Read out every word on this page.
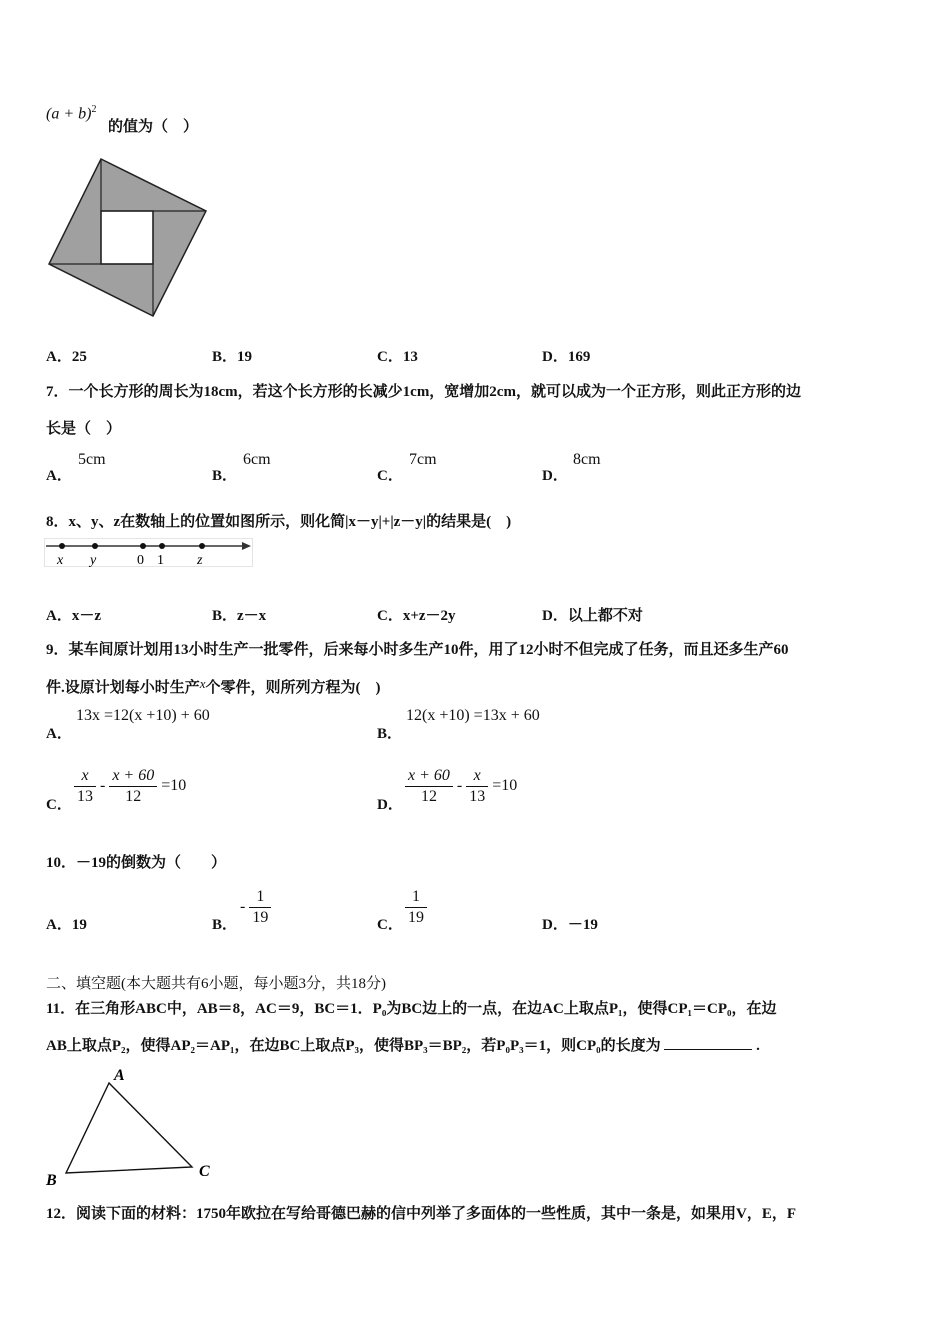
$(a + b)^2$
的值为（　）
A．25	B．19	C．13	D．169
7．一个长方形的周长为18cm，若这个长方形的长减少1cm，宽增加2cm，就可以成为一个正方形，则此正方形的边
长是（　）
A．
5cm
B．
6cm
C．
7cm
D．
8cm
8．x、y、z在数轴上的位置如图所示，则化简|x－y|+|z－y|的结果是(　)
x y	0 1 z
A．x－z	B．z－x	C．x+z－2y	D．以上都不对
9．某车间原计划用13小时生产一批零件，后来每小时多生产10件，用了12小时不但完成了任务，而且还多生产60
件.设原计划每小时生产x个零件，则所列方程为(　)
A．
13x =12(x +10) + 60
B．
12(x +10) =13x + 60
C． $\frac{x}{13} - \frac{x + 60}{12} =10$
D． $\frac{x + 60}{12} - \frac{x}{13} =10$
10．－19的倒数为（　　）
A．19	B．
- $\frac{1}{19}$	C． $\frac{1}{19}$	D．－19
二、填空题(本大题共有6小题，每小题3分，共18分)
11．在三角形ABC中，AB＝8，AC＝9，BC＝1．P₀为BC边上的一点，在边AC上取点P₁，使得CP₁＝CP₀，在边
AB上取点P₂，使得AP₂＝AP₁，在边BC上取点P₃，使得BP₃＝BP₂，若P₀P₃＝1，则CP₀的长度为	.
A
B
C
12．阅读下面的材料：1750年欧拉在写给哥德巴赫的信中列举了多面体的一些性质，其中一条是，如果用V，E，F
